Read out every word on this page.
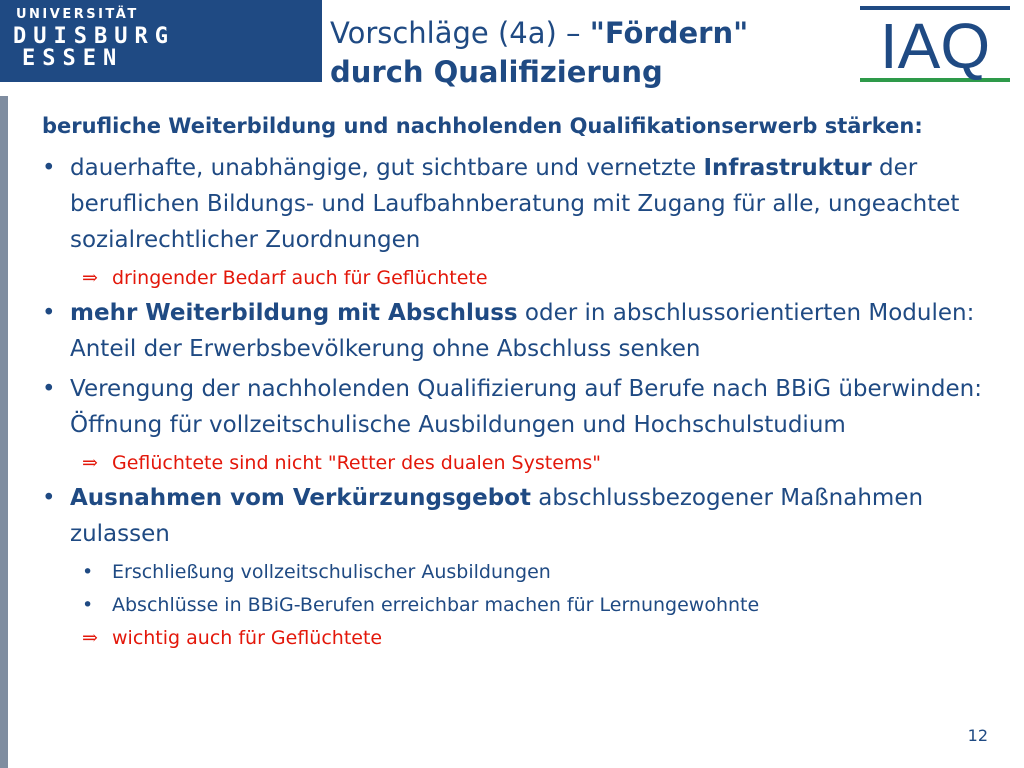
UNIVERSITÄT
DUISBURG
ESSEN
Vorschläge (4a) – "Fördern"
durch Qualifizierung	IAQ
berufliche Weiterbildung und nachholenden Qualifikationserwerb stärken:
• dauerhafte, unabhängige, gut sichtbare und vernetzte Infrastruktur der beruflichen Bildungs- und Laufbahnberatung mit Zugang für alle, ungeachtet sozialrechtlicher Zuordnungen
⇒ dringender Bedarf auch für Geflüchtete
• mehr Weiterbildung mit Abschluss oder in abschlussorientierten Modulen: Anteil der Erwerbsbevölkerung ohne Abschluss senken
• Verengung der nachholenden Qualifizierung auf Berufe nach BBiG überwinden: Öffnung für vollzeitschulische Ausbildungen und Hochschulstudium
⇒ Geflüchtete sind nicht "Retter des dualen Systems"
• Ausnahmen vom Verkürzungsgebot abschlussbezogener Maßnahmen zulassen
• Erschließung vollzeitschulischer Ausbildungen
• Abschlüsse in BBiG-Berufen erreichbar machen für Lernungewohnte
⇒ wichtig auch für Geflüchtete
12
